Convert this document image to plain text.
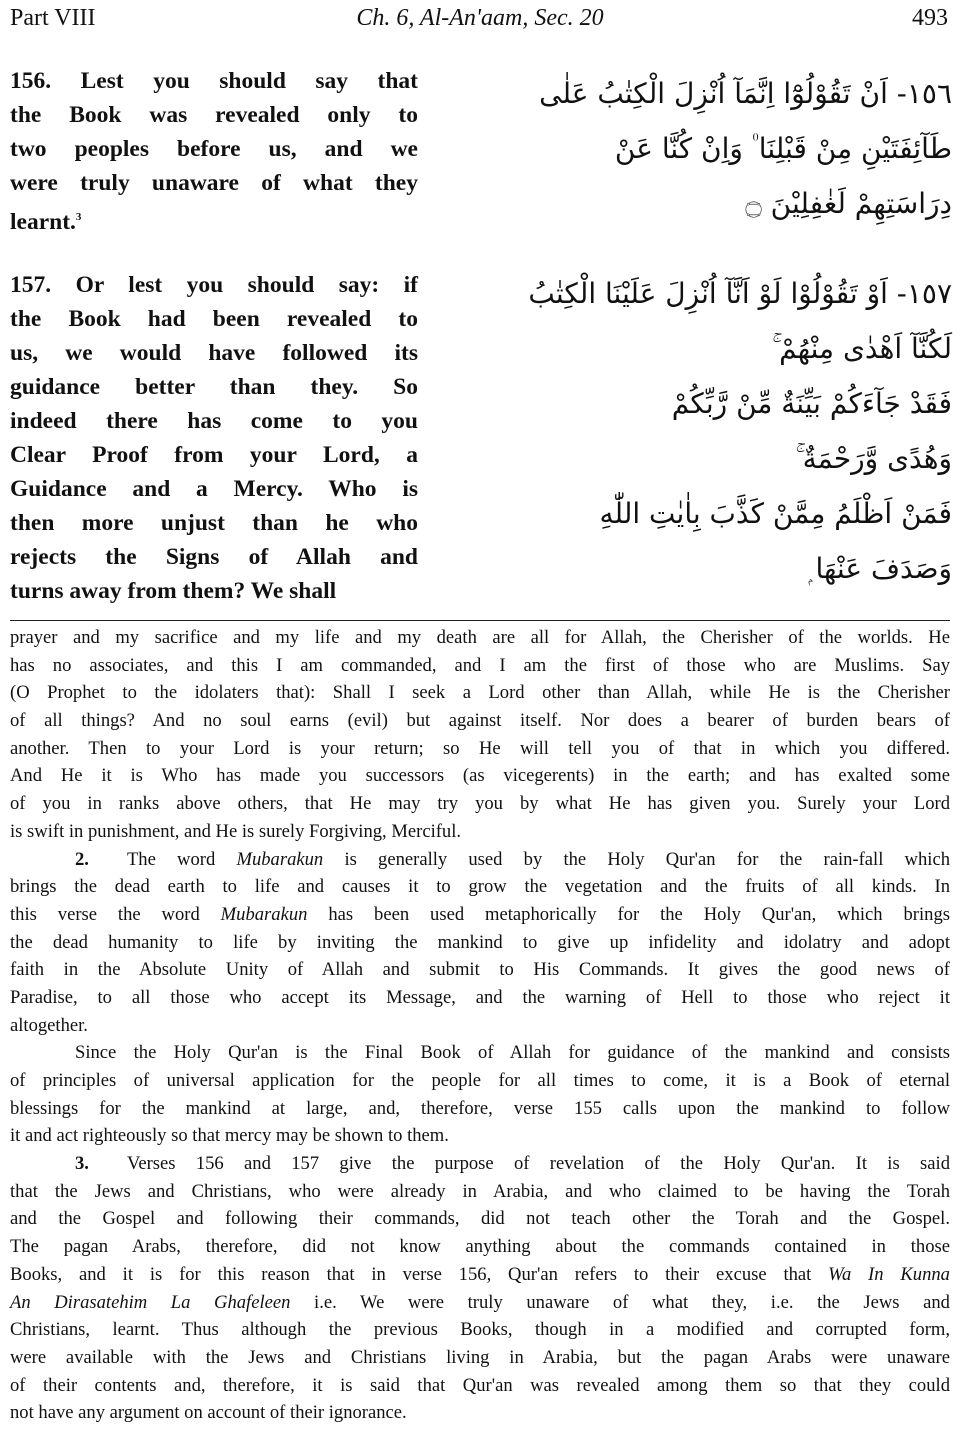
Part VIII	Ch. 6, Al-An'aam, Sec. 20	493
156. Lest you should say that
the Book was revealed only to
two peoples before us, and we
were truly unaware of what they
learnt.$^3$
١٥٦- اَنْ تَقُوْلُوْٓا اِنَّمَآ اُنْزِلَ الْكِتٰبُ عَلٰى
طَآئِفَتَيْنِ مِنْ قَبْلِنَا ۠ وَاِنْ كُنَّا عَنْ
دِرَاسَتِهِمْ لَغٰفِلِيْنَ ۝
157. Or lest you should say: if
the Book had been revealed to
us, we would have followed its
guidance better than they. So
indeed there has come to you
Clear Proof from your Lord, a
Guidance and a Mercy. Who is
then more unjust than he who
rejects the Signs of Allah and
turns away from them? We shall
١٥٧- اَوْ تَقُوْلُوْا لَوْ اَنَّآ اُنْزِلَ عَلَيْنَا الْكِتٰبُ
لَكُنَّآ اَهْدٰى مِنْهُمْ ۚ
فَقَدْ جَآءَكُمْ بَيِّنَةٌ مِّنْ رَّبِّكُمْ
وَهُدًى وَّرَحْمَةٌ ۚ
فَمَنْ اَظْلَمُ مِمَّنْ كَذَّبَ بِاٰيٰتِ اللّٰهِ
وَصَدَفَ عَنْهَا ۭ
prayer and my sacrifice and my life and my death are all for Allah, the Cherisher of the worlds. He
has no associates, and this I am commanded, and I am the first of those who are Muslims. Say
(O Prophet to the idolaters that): Shall I seek a Lord other than Allah, while He is the Cherisher
of all things? And no soul earns (evil) but against itself. Nor does a bearer of burden bears of
another. Then to your Lord is your return; so He will tell you of that in which you differed.
And He it is Who has made you successors (as vicegerents) in the earth; and has exalted some
of you in ranks above others, that He may try you by what He has given you. Surely your Lord
is swift in punishment, and He is surely Forgiving, Merciful.
2. The word Mubarakun is generally used by the Holy Qur'an for the rain-fall which
brings the dead earth to life and causes it to grow the vegetation and the fruits of all kinds. In
this verse the word Mubarakun has been used metaphorically for the Holy Qur'an, which brings
the dead humanity to life by inviting the mankind to give up infidelity and idolatry and adopt
faith in the Absolute Unity of Allah and submit to His Commands. It gives the good news of
Paradise, to all those who accept its Message, and the warning of Hell to those who reject it
altogether.
Since the Holy Qur'an is the Final Book of Allah for guidance of the mankind and consists
of principles of universal application for the people for all times to come, it is a Book of eternal
blessings for the mankind at large, and, therefore, verse 155 calls upon the mankind to follow
it and act righteously so that mercy may be shown to them.
3. Verses 156 and 157 give the purpose of revelation of the Holy Qur'an. It is said
that the Jews and Christians, who were already in Arabia, and who claimed to be having the Torah
and the Gospel and following their commands, did not teach other the Torah and the Gospel.
The pagan Arabs, therefore, did not know anything about the commands contained in those
Books, and it is for this reason that in verse 156, Qur'an refers to their excuse that Wa In Kunna
An Dirasatehim La Ghafeleen i.e. We were truly unaware of what they, i.e. the Jews and
Christians, learnt. Thus although the previous Books, though in a modified and corrupted form,
were available with the Jews and Christians living in Arabia, but the pagan Arabs were unaware
of their contents and, therefore, it is said that Qur'an was revealed among them so that they could
not have any argument on account of their ignorance.
